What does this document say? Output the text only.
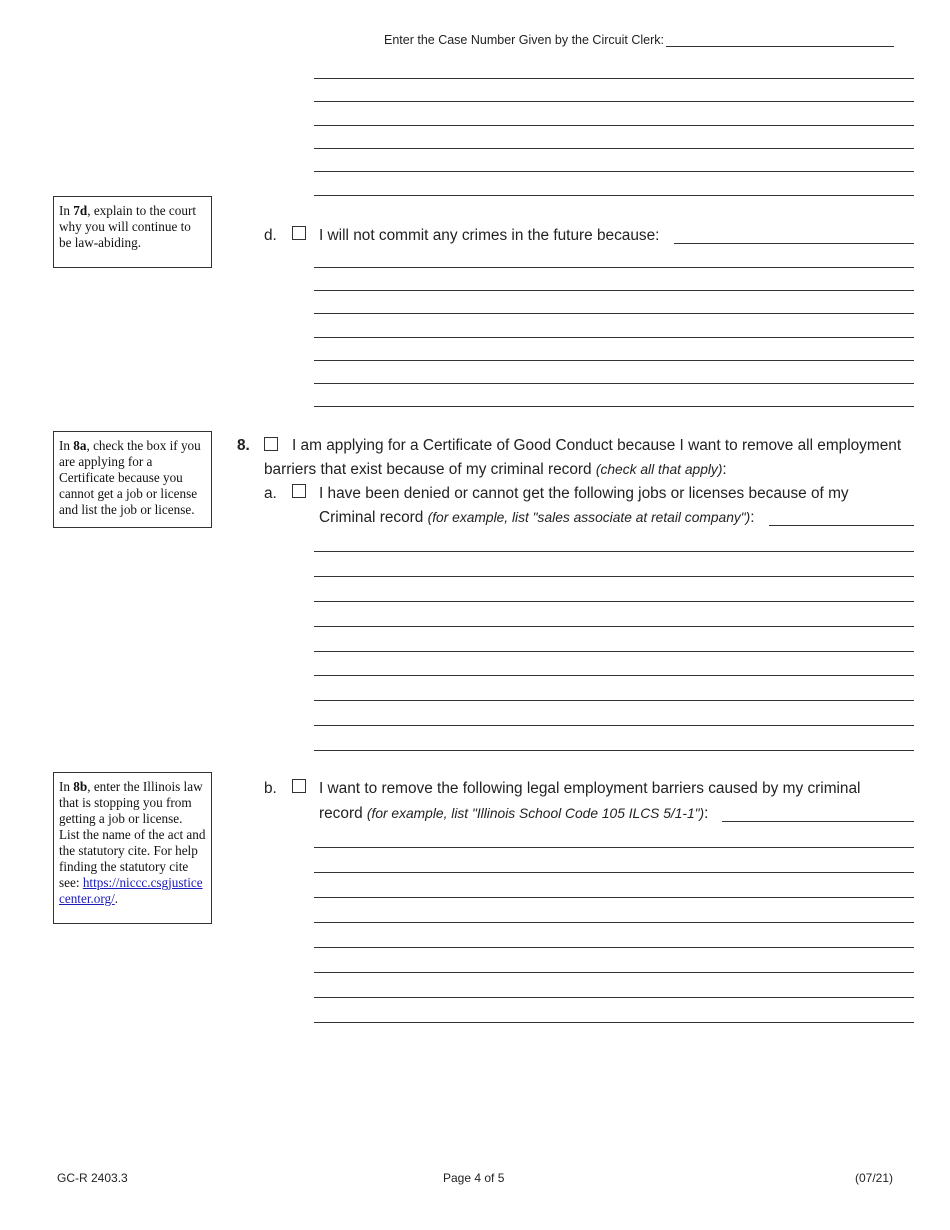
Enter the Case Number Given by the Circuit Clerk:
In 7d, explain to the court why you will continue to be law-abiding.	d.	I will not commit any crimes in the future because:
In 8a, check the box if you are applying for a Certificate because you cannot get a job or license and list the job or license.
8.	I am applying for a Certificate of Good Conduct because I want to remove all employment
barriers that exist because of my criminal record (check all that apply):
a.	I have been denied or cannot get the following jobs or licenses because of my
Criminal record (for example, list "sales associate at retail company"):
In 8b, enter the Illinois law that is stopping you from getting a job or license. List the name of the act and the statutory cite. For help finding the statutory cite see: https://niccc.csgjusticecenter.org/.
b.	I want to remove the following legal employment barriers caused by my criminal
record (for example, list "Illinois School Code 105 ILCS 5/1-1"):
GC-R 2403.3	Page 4 of 5	(07/21)
